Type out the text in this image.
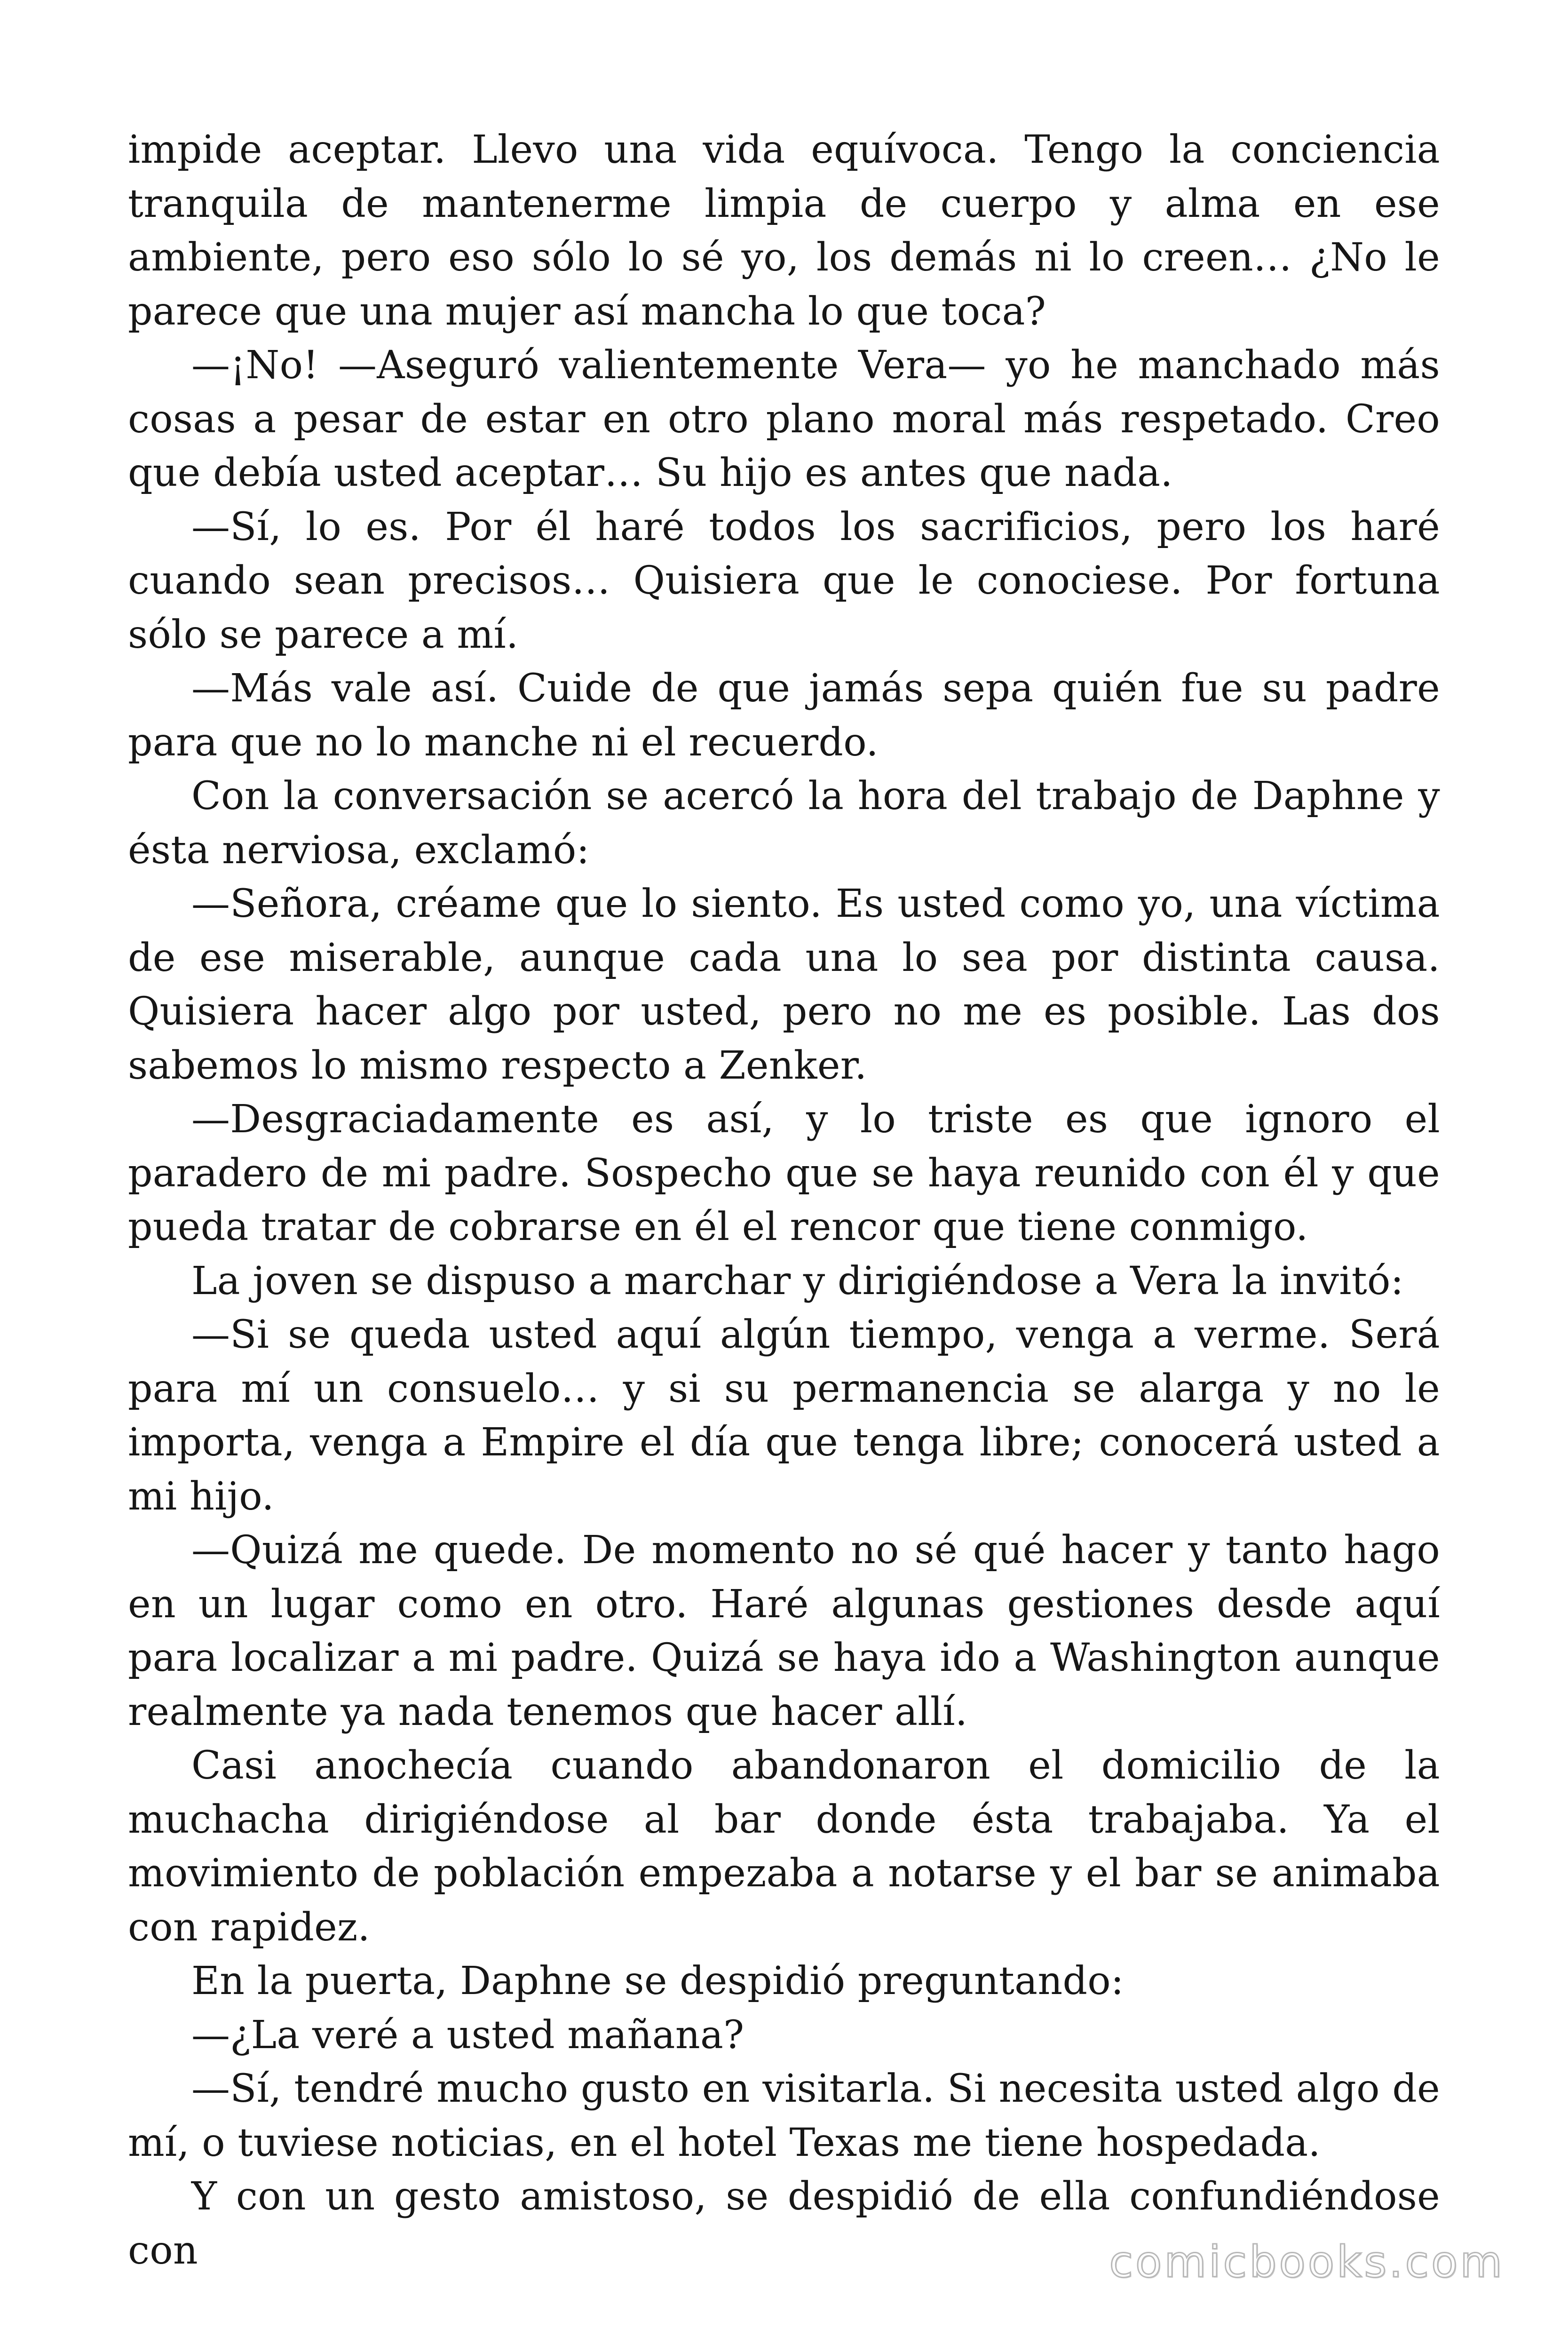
impide aceptar. Llevo una vida equívoca. Tengo la conciencia tranquila de mantenerme limpia de cuerpo y alma en ese ambiente, pero eso sólo lo sé yo, los demás ni lo creen… ¿No le parece que una mujer así mancha lo que toca?

—¡No! —Aseguró valientemente Vera— yo he manchado más cosas a pesar de estar en otro plano moral más respetado. Creo que debía usted aceptar… Su hijo es antes que nada.

—Sí, lo es. Por él haré todos los sacrificios, pero los haré cuando sean precisos… Quisiera que le conociese. Por fortuna sólo se parece a mí.

—Más vale así. Cuide de que jamás sepa quién fue su padre para que no lo manche ni el recuerdo.

Con la conversación se acercó la hora del trabajo de Daphne y ésta nerviosa, exclamó:

—Señora, créame que lo siento. Es usted como yo, una víctima de ese miserable, aunque cada una lo sea por distinta causa. Quisiera hacer algo por usted, pero no me es posible. Las dos sabemos lo mismo respecto a Zenker.

—Desgraciadamente es así, y lo triste es que ignoro el paradero de mi padre. Sospecho que se haya reunido con él y que pueda tratar de cobrarse en él el rencor que tiene conmigo.

La joven se dispuso a marchar y dirigiéndose a Vera la invitó:

—Si se queda usted aquí algún tiempo, venga a verme. Será para mí un consuelo… y si su permanencia se alarga y no le importa, venga a Empire el día que tenga libre; conocerá usted a mi hijo.

—Quizá me quede. De momento no sé qué hacer y tanto hago en un lugar como en otro. Haré algunas gestiones desde aquí para localizar a mi padre. Quizá se haya ido a Washington aunque realmente ya nada tenemos que hacer allí.

Casi anochecía cuando abandonaron el domicilio de la muchacha dirigiéndose al bar donde ésta trabajaba. Ya el movimiento de población empezaba a notarse y el bar se animaba con rapidez.

En la puerta, Daphne se despidió preguntando:

—¿La veré a usted mañana?

—Sí, tendré mucho gusto en visitarla. Si necesita usted algo de mí, o tuviese noticias, en el hotel Texas me tiene hospedada.

Y con un gesto amistoso, se despidió de ella confundiéndose con	comicbooks.com
